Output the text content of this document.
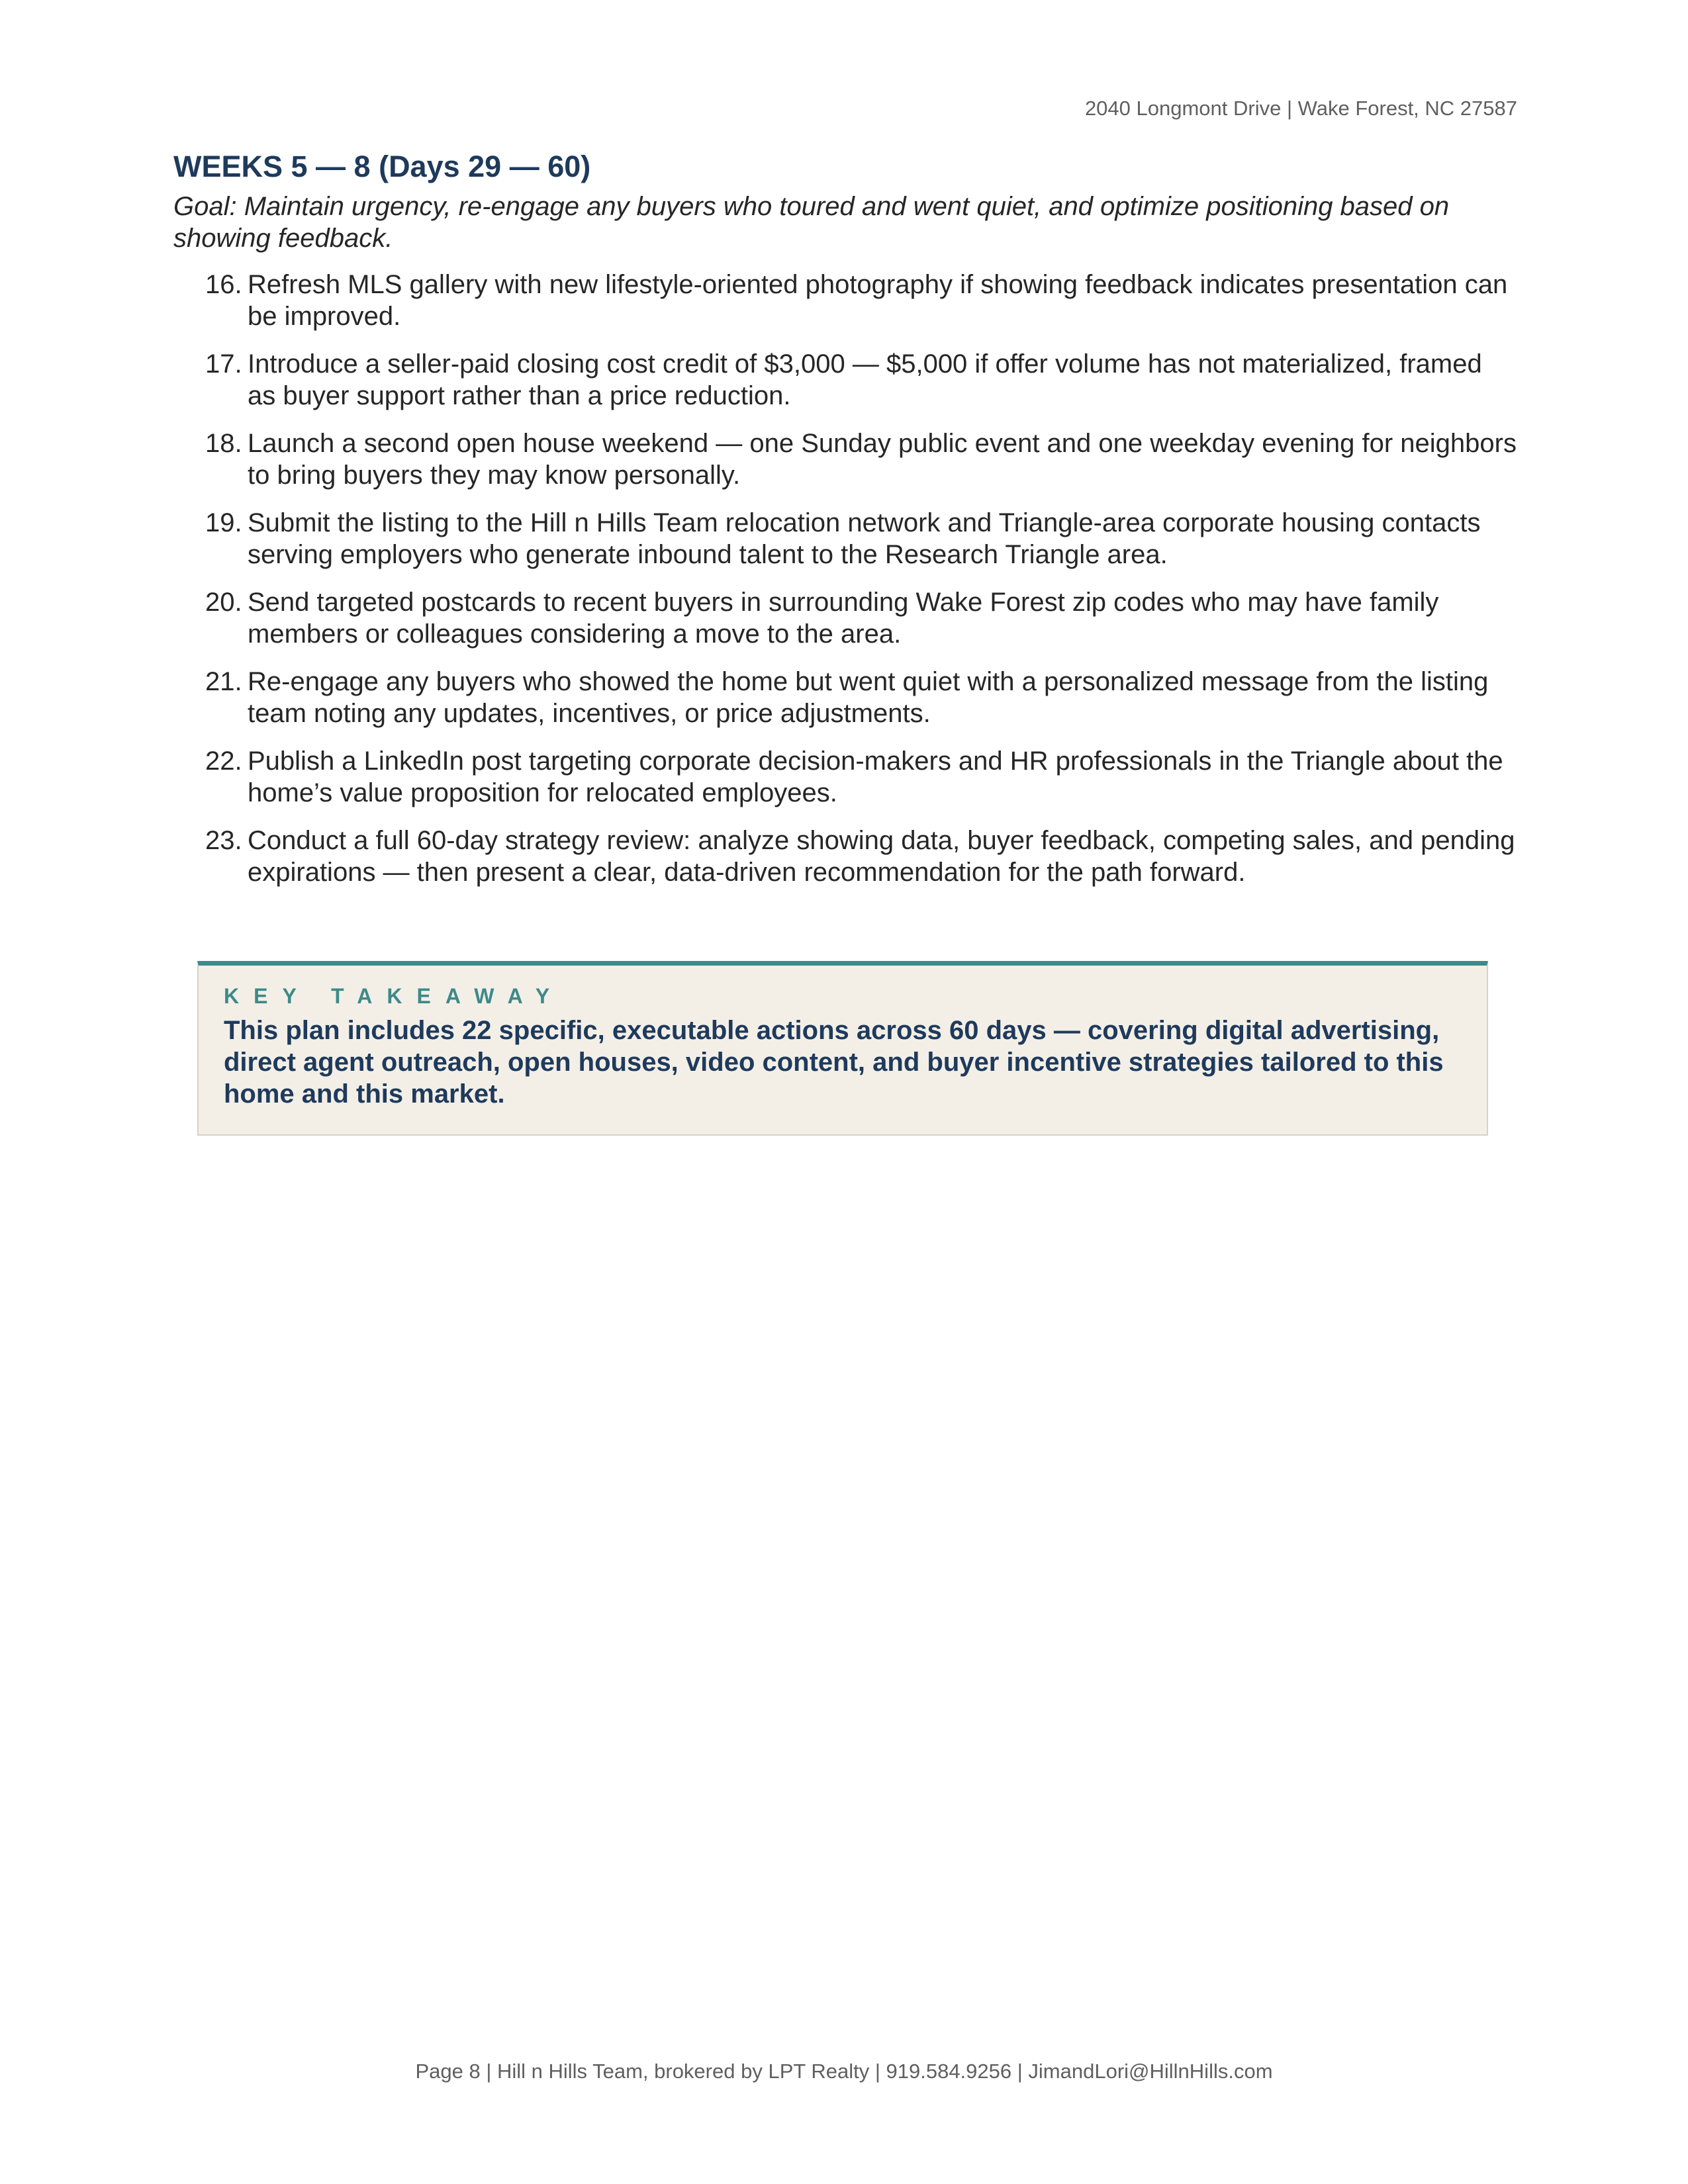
2040 Longmont Drive | Wake Forest, NC 27587
WEEKS 5 — 8 (Days 29 — 60)

Goal: Maintain urgency, re-engage any buyers who toured and went quiet, and optimize positioning based on showing feedback.

16. Refresh MLS gallery with new lifestyle-oriented photography if showing feedback indicates presentation can be improved.
17. Introduce a seller-paid closing cost credit of $3,000 — $5,000 if offer volume has not materialized, framed as buyer support rather than a price reduction.
18. Launch a second open house weekend — one Sunday public event and one weekday evening for neighbors to bring buyers they may know personally.
19. Submit the listing to the Hill n Hills Team relocation network and Triangle-area corporate housing contacts serving employers who generate inbound talent to the Research Triangle area.
20. Send targeted postcards to recent buyers in surrounding Wake Forest zip codes who may have family members or colleagues considering a move to the area.
21. Re-engage any buyers who showed the home but went quiet with a personalized message from the listing team noting any updates, incentives, or price adjustments.
22. Publish a LinkedIn post targeting corporate decision-makers and HR professionals in the Triangle about the home’s value proposition for relocated employees.
23. Conduct a full 60-day strategy review: analyze showing data, buyer feedback, competing sales, and pending expirations — then present a clear, data-driven recommendation for the path forward.
KEY TAKEAWAY
This plan includes 22 specific, executable actions across 60 days — covering digital advertising, direct agent outreach, open houses, video content, and buyer incentive strategies tailored to this home and this market.
Page 8 | Hill n Hills Team, brokered by LPT Realty | 919.584.9256 | JimandLori@HillnHills.com
